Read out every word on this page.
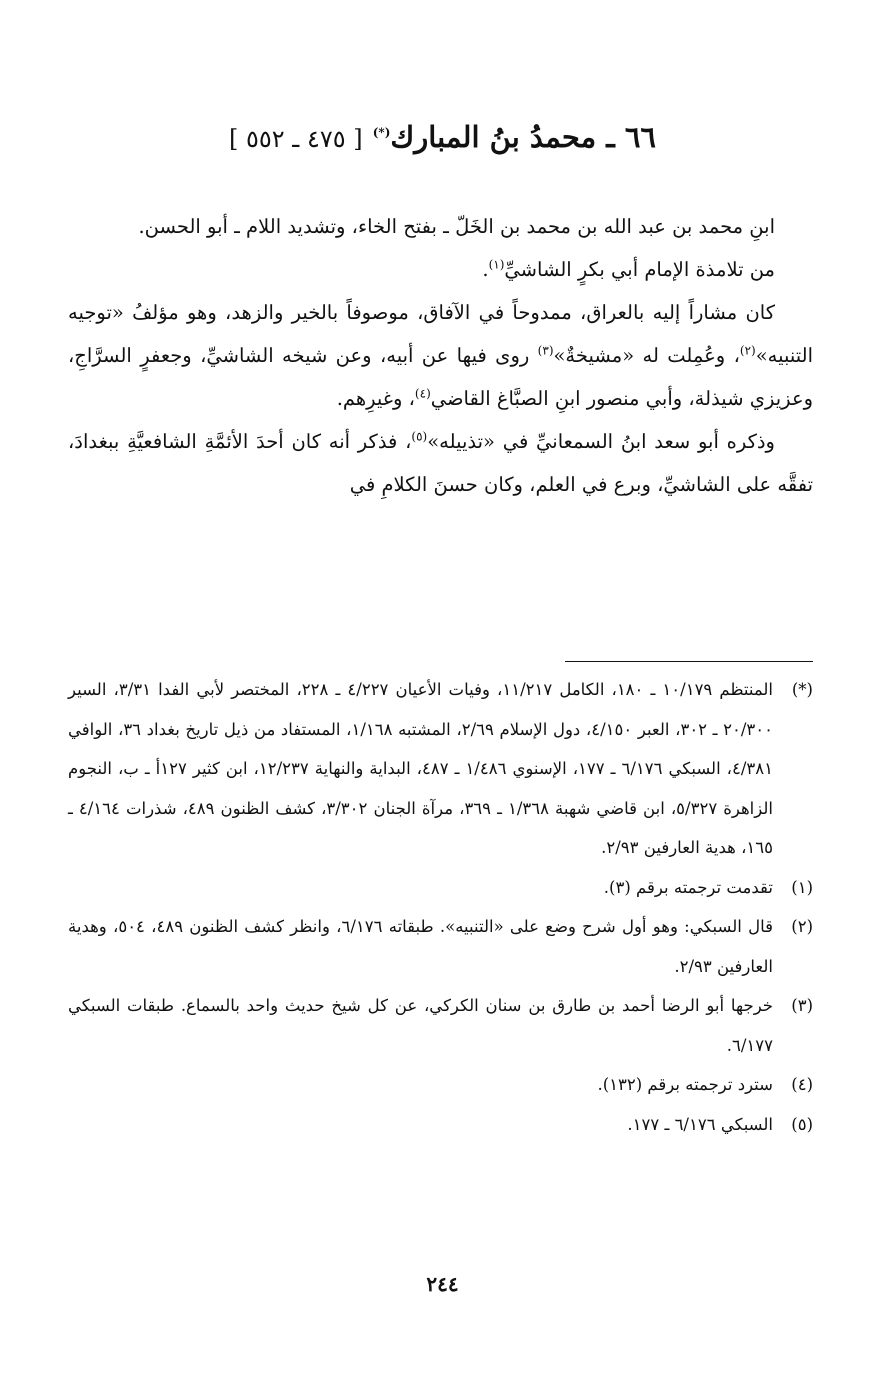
٦٦ ـ محمدُ بنُ المبارك(*) [ ٤٧٥ ـ ٥٥٢ ]

ابنِ محمد بن عبد الله بن محمد بن الخَلّ ـ بفتح الخاء، وتشديد اللام ـ أبو الحسن.

من تلامذة الإمام أبي بكرٍ الشاشيِّ$^{(١)}$.

كان مشاراً إليه بالعراق، ممدوحاً في الآفاق، موصوفاً بالخير والزهد، وهو مؤلفُ «توجيه التنبيه»$^{(٢)}$، وعُمِلت له «مشيخةٌ»$^{(٣)}$ روى فيها عن أبيه، وعن شيخه الشاشيِّ، وجعفرٍ السرَّاجِ، وعزيزي شيذلة، وأبي منصور ابنِ الصبَّاغ القاضي$^{(٤)}$، وغيرِهم.

وذكره أبو سعد ابنُ السمعانيِّ في «تذييله»$^{(٥)}$، فذكر أنه كان أحدَ الأئمَّةِ الشافعيَّةِ ببغدادَ، تفقَّه على الشاشيِّ، وبرع في العلم، وكان حسنَ الكلامِ في

(*)
المنتظم ١٠/١٧٩ ـ ١٨٠، الكامل ١١/٢١٧، وفيات الأعيان ٤/٢٢٧ ـ ٢٢٨، المختصر لأبي الفدا ٣/٣١، السير ٢٠/٣٠٠ ـ ٣٠٢، العبر ٤/١٥٠، دول الإسلام ٢/٦٩، المشتبه ١/١٦٨، المستفاد من ذيل تاريخ بغداد ٣٦، الوافي ٤/٣٨١، السبكي ٦/١٧٦ ـ ١٧٧، الإسنوي ١/٤٨٦ ـ ٤٨٧، البداية والنهاية ١٢/٢٣٧، ابن كثير ١٢٧أ ـ ب، النجوم الزاهرة ٥/٣٢٧، ابن قاضي شهبة ١/٣٦٨ ـ ٣٦٩، مرآة الجنان ٣/٣٠٢، كشف الظنون ٤٨٩، شذرات ٤/١٦٤ ـ ١٦٥، هدية العارفين ٢/٩٣.
(١)
تقدمت ترجمته برقم (٣).
(٢)
قال السبكي: وهو أول شرح وضع على «التنبيه». طبقاته ٦/١٧٦، وانظر كشف الظنون ٤٨٩، ٥٠٤، وهدية العارفين ٢/٩٣.
(٣)
خرجها أبو الرضا أحمد بن طارق بن سنان الكركي، عن كل شيخ حديث واحد بالسماع. طبقات السبكي ٦/١٧٧.
(٤)
سترد ترجمته برقم (١٣٢).
(٥)
السبكي ٦/١٧٦ ـ ١٧٧.
٢٤٤
